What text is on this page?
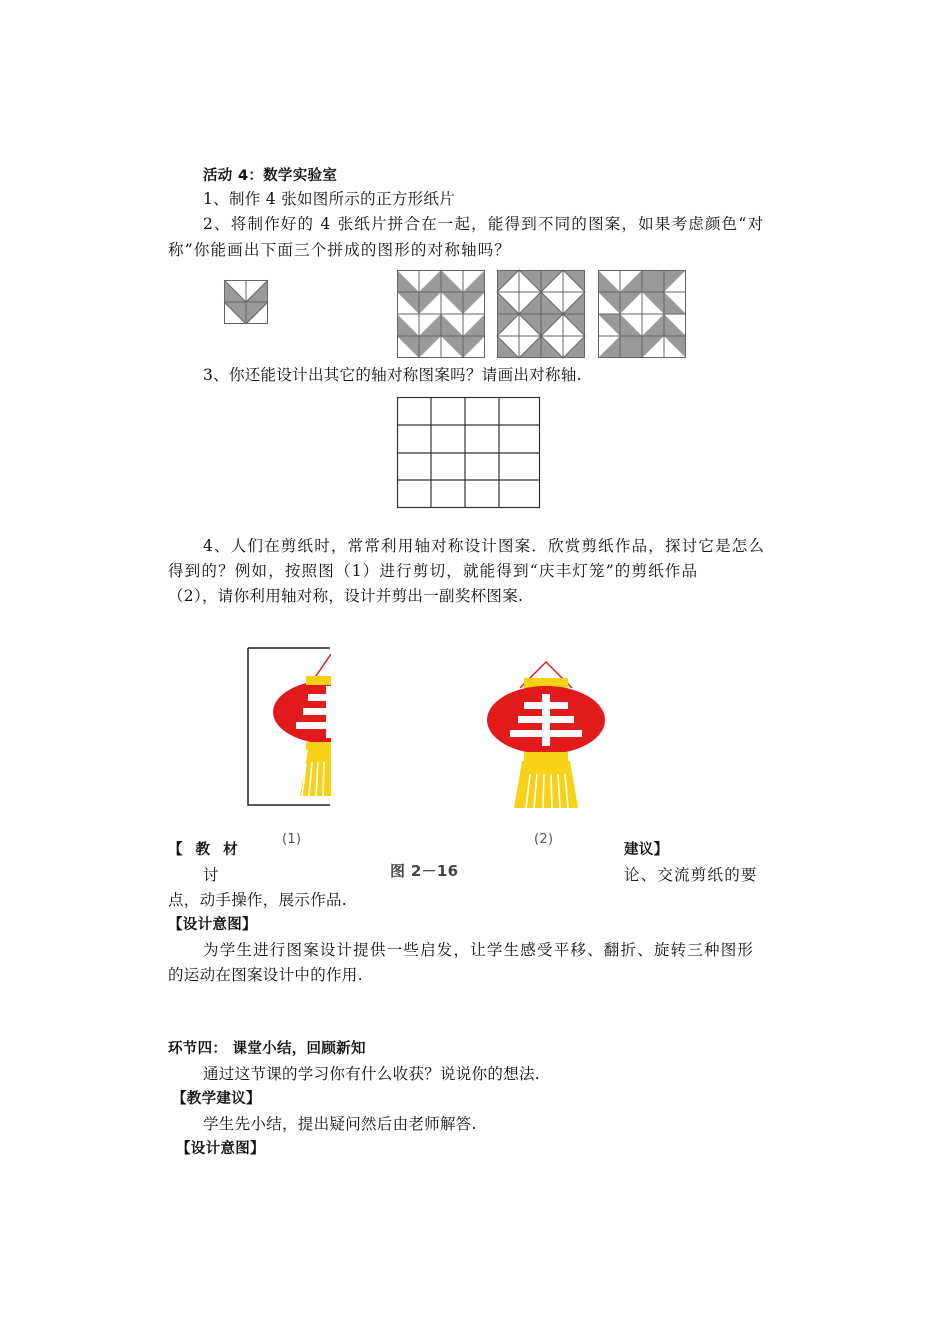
活动 4：数学实验室
1、制作 4 张如图所示的正方形纸片
2、将制作好的 4 张纸片拼合在一起，能得到不同的图案，如果考虑颜色“对
称”你能画出下面三个拼成的图形的对称轴吗？
3、你还能设计出其它的轴对称图案吗？请画出对称轴.
4、人们在剪纸时，常常利用轴对称设计图案．欣赏剪纸作品，探讨它是怎么
得到的？例如，按照图（1）进行剪切，就能得到“庆丰灯笼”的剪纸作品
（2），请你利用轴对称，设计并剪出一副奖杯图案.
(1)	(2)
图 2－16
【 教 材	建议】
讨	论、交流剪纸的要
点，动手操作，展示作品.
【设计意图】
为学生进行图案设计提供一些启发，让学生感受平移、翻折、旋转三种图形
的运动在图案设计中的作用.
环节四： 课堂小结，回顾新知
通过这节课的学习你有什么收获？说说你的想法.
【教学建议】
学生先小结，提出疑问然后由老师解答.
【设计意图】
